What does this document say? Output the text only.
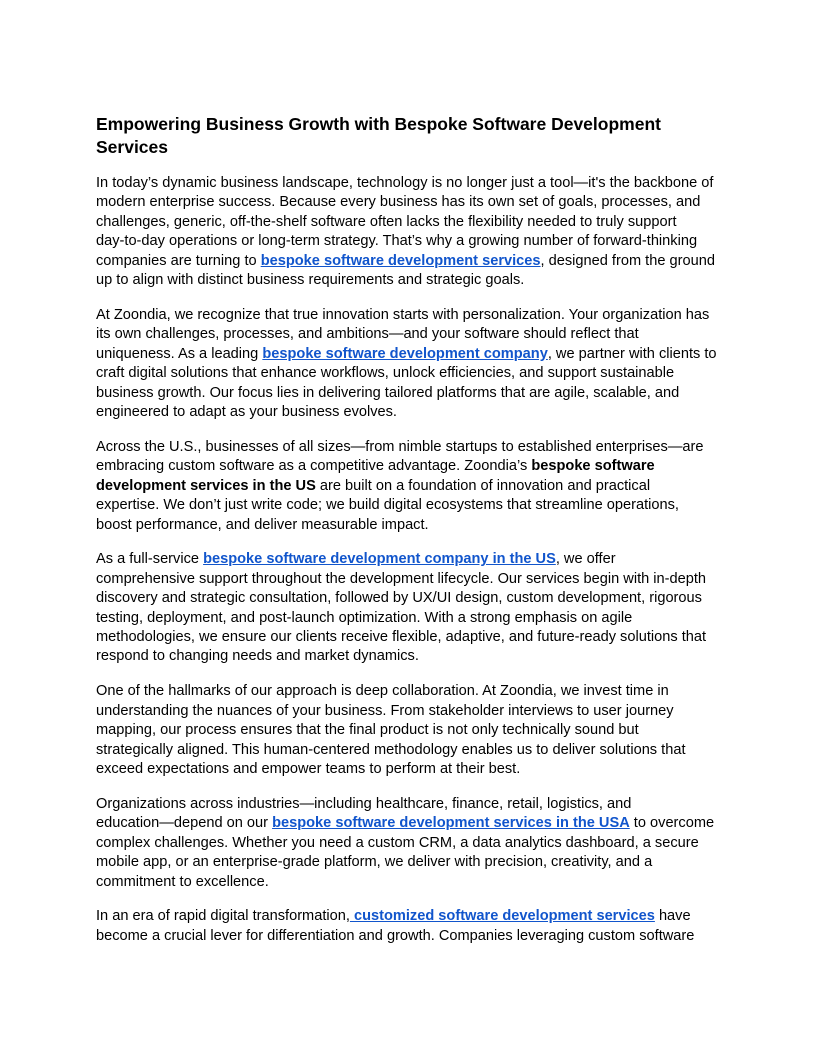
Empowering Business Growth with Bespoke Software Development
Services

In today’s dynamic business landscape, technology is no longer just a tool—it's the backbone of
modern enterprise success. Because every business has its own set of goals, processes, and
challenges, generic, off-the-shelf software often lacks the flexibility needed to truly support
day-to-day operations or long-term strategy. That’s why a growing number of forward-thinking
companies are turning to bespoke software development services, designed from the ground
up to align with distinct business requirements and strategic goals.

At Zoondia, we recognize that true innovation starts with personalization. Your organization has
its own challenges, processes, and ambitions—and your software should reflect that
uniqueness. As a leading bespoke software development company, we partner with clients to
craft digital solutions that enhance workflows, unlock efficiencies, and support sustainable
business growth. Our focus lies in delivering tailored platforms that are agile, scalable, and
engineered to adapt as your business evolves.

Across the U.S., businesses of all sizes—from nimble startups to established enterprises—are
embracing custom software as a competitive advantage. Zoondia’s bespoke software
development services in the US are built on a foundation of innovation and practical
expertise. We don’t just write code; we build digital ecosystems that streamline operations,
boost performance, and deliver measurable impact.

As a full-service bespoke software development company in the US, we offer
comprehensive support throughout the development lifecycle. Our services begin with in-depth
discovery and strategic consultation, followed by UX/UI design, custom development, rigorous
testing, deployment, and post-launch optimization. With a strong emphasis on agile
methodologies, we ensure our clients receive flexible, adaptive, and future-ready solutions that
respond to changing needs and market dynamics.

One of the hallmarks of our approach is deep collaboration. At Zoondia, we invest time in
understanding the nuances of your business. From stakeholder interviews to user journey
mapping, our process ensures that the final product is not only technically sound but
strategically aligned. This human-centered methodology enables us to deliver solutions that
exceed expectations and empower teams to perform at their best.

Organizations across industries—including healthcare, finance, retail, logistics, and
education—depend on our bespoke software development services in the USA to overcome
complex challenges. Whether you need a custom CRM, a data analytics dashboard, a secure
mobile app, or an enterprise-grade platform, we deliver with precision, creativity, and a
commitment to excellence.

In an era of rapid digital transformation, customized software development services have
become a crucial lever for differentiation and growth. Companies leveraging custom software
